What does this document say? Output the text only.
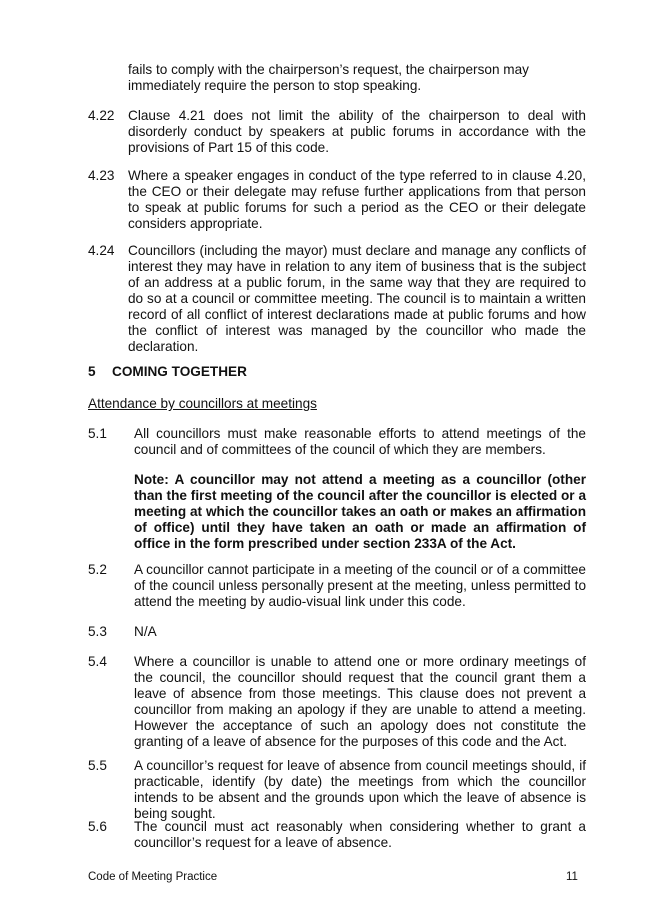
fails to comply with the chairperson’s request, the chairperson may immediately require the person to stop speaking.
4.22 Clause 4.21 does not limit the ability of the chairperson to deal with disorderly conduct by speakers at public forums in accordance with the provisions of Part 15 of this code.
4.23 Where a speaker engages in conduct of the type referred to in clause 4.20, the CEO or their delegate may refuse further applications from that person to speak at public forums for such a period as the CEO or their delegate considers appropriate.
4.24 Councillors (including the mayor) must declare and manage any conflicts of interest they may have in relation to any item of business that is the subject of an address at a public forum, in the same way that they are required to do so at a council or committee meeting. The council is to maintain a written record of all conflict of interest declarations made at public forums and how the conflict of interest was managed by the councillor who made the declaration.
5 COMING TOGETHER
Attendance by councillors at meetings
5.1 All councillors must make reasonable efforts to attend meetings of the council and of committees of the council of which they are members.
Note: A councillor may not attend a meeting as a councillor (other than the first meeting of the council after the councillor is elected or a meeting at which the councillor takes an oath or makes an affirmation of office) until they have taken an oath or made an affirmation of office in the form prescribed under section 233A of the Act.
5.2 A councillor cannot participate in a meeting of the council or of a committee of the council unless personally present at the meeting, unless permitted to attend the meeting by audio-visual link under this code.
5.3 N/A
5.4 Where a councillor is unable to attend one or more ordinary meetings of the council, the councillor should request that the council grant them a leave of absence from those meetings. This clause does not prevent a councillor from making an apology if they are unable to attend a meeting. However the acceptance of such an apology does not constitute the granting of a leave of absence for the purposes of this code and the Act.
5.5 A councillor’s request for leave of absence from council meetings should, if practicable, identify (by date) the meetings from which the councillor intends to be absent and the grounds upon which the leave of absence is being sought.
5.6 The council must act reasonably when considering whether to grant a councillor’s request for a leave of absence.
Code of Meeting Practice	11
